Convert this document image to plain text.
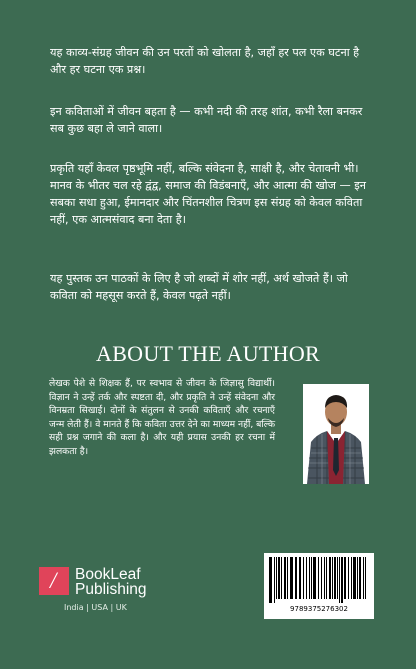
यह काव्य-संग्रह जीवन की उन परतों को खोलता है, जहाँ हर पल एक घटना है और हर घटना एक प्रश्न।

इन कविताओं में जीवन बहता है — कभी नदी की तरह शांत, कभी रैला बनकर सब कुछ बहा ले जाने वाला।

प्रकृति यहाँ केवल पृष्ठभूमि नहीं, बल्कि संवेदना है, साक्षी है, और चेतावनी भी। मानव के भीतर चल रहे द्वंद्व, समाज की विडंबनाएँ, और आत्मा की खोज — इन सबका सधा हुआ, ईमानदार और चिंतनशील चित्रण इस संग्रह को केवल कविता नहीं, एक आत्मसंवाद बना देता है।

यह पुस्तक उन पाठकों के लिए है जो शब्दों में शोर नहीं, अर्थ खोजते हैं। जो कविता को महसूस करते हैं, केवल पढ़ते नहीं।

ABOUT THE AUTHOR

लेखक पेशे से शिक्षक हैं, पर स्वभाव से जीवन के जिज्ञासु विद्यार्थी। विज्ञान ने उन्हें तर्क और स्पष्टता दी, और प्रकृति ने उन्हें संवेदना और विनम्रता सिखाई। दोनों के संतुलन से उनकी कविताएँ और रचनाएँ जन्म लेती हैं। वे मानते हैं कि कविता उत्तर देने का माध्यम नहीं, बल्कि सही प्रश्न जगाने की कला है। और यही प्रयास उनकी हर रचना में झलकता है।

/ BookLeaf
Publishing
India | USA | UK	9789375276302
